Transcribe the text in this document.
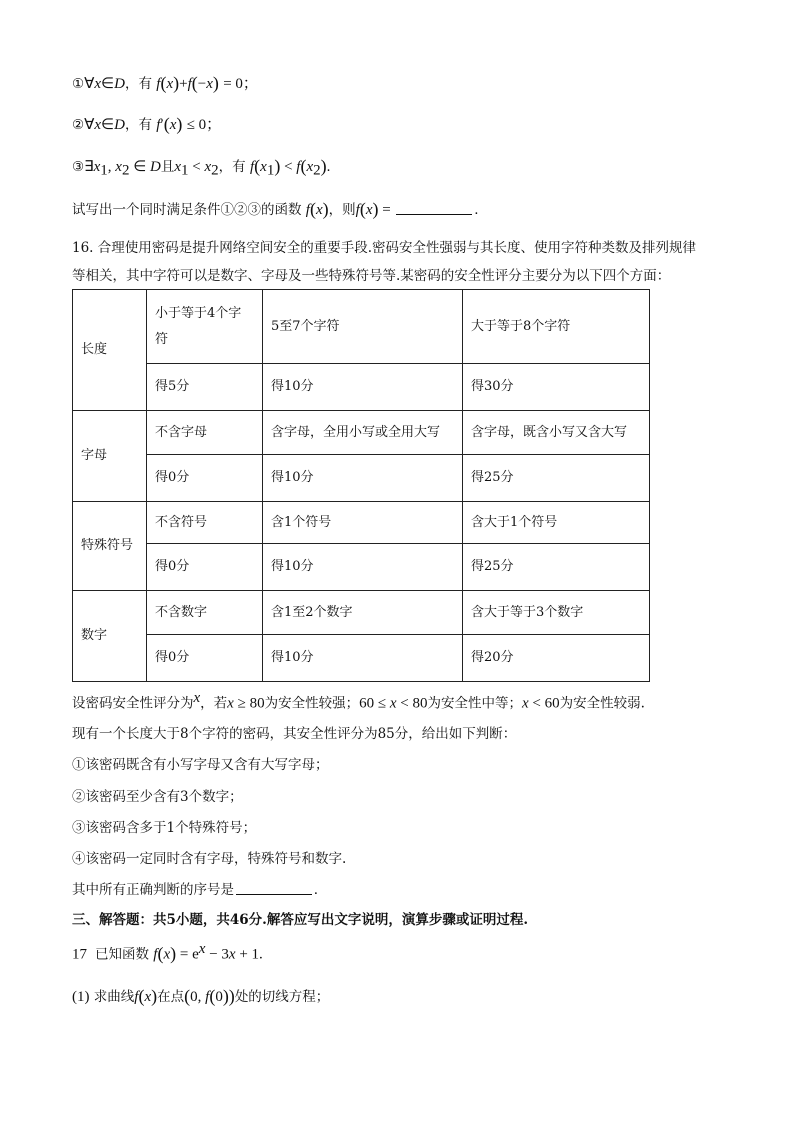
①∀x∈D，有 f(x)+f(−x) = 0；
②∀x∈D，有 f′(x) ≤ 0；
$③\exists x_1$, $x_2$ ∈ D且$x_1 < x_2$，有 $f(x_1) < f(x_2)$.
试写出一个同时满足条件①②③的函数 f(x)，则f(x) =	.
16. 合理使用密码是提升网络空间安全的重要手段.密码安全性强弱与其长度、使用字符种类数及排列规律
等相关，其中字符可以是数字、字母及一些特殊符号等.某密码的安全性评分主要分为以下四个方面：
长度	小于等于4个字符	5至7个字符	大于等于8个字符
	得5分	得10分	得30分
字母	不含字母	含字母，全用小写或全用大写	含字母，既含小写又含大写
	得0分	得10分	得25分
特殊符号	不含符号	含1个符号	含大于1个符号
	得0分	得10分	得25分
数字	不含数字	含1至2个数字	含大于等于3个数字
	得0分	得10分	得20分
设密码安全性评分为$^x$，若x ≥ 80为安全性较强；60 ≤ x < 80为安全性中等；x < 60为安全性较弱.
现有一个长度大于8个字符的密码，其安全性评分为85分，给出如下判断：
①该密码既含有小写字母又含有大写字母；
②该密码至少含有3个数字；
③该密码含多于1个特殊符号；
④该密码一定同时含有字母，特殊符号和数字.
其中所有正确判断的序号是	.
三、解答题：共5小题，共46分.解答应写出文字说明，演算步骤或证明过程.
17 已知函数 $f(x) = e^x - 3x + 1$.
(1) 求曲线f(x)在点(0, f(0))处的切线方程；
